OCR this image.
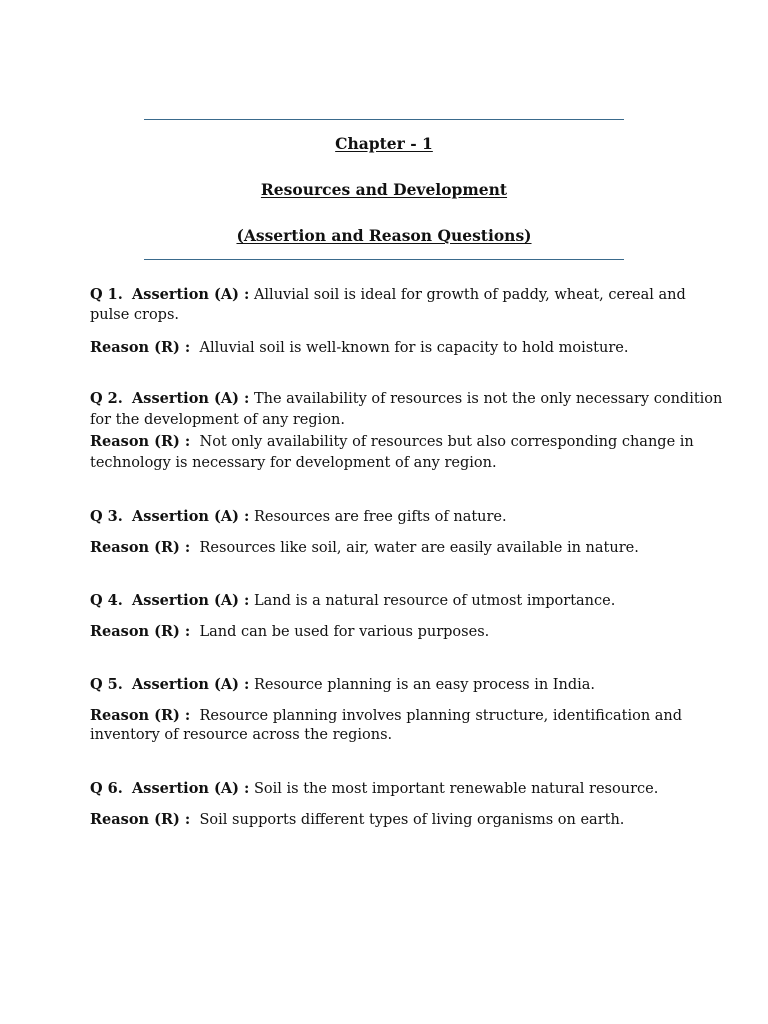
Chapter - 1
Resources and Development
(Assertion and Reason Questions)
Q 1. Assertion (A) : Alluvial soil is ideal for growth of paddy, wheat, cereal and
pulse crops.
Reason (R) : Alluvial soil is well-known for is capacity to hold moisture.
Q 2. Assertion (A) : The availability of resources is not the only necessary condition
for the development of any region.
Reason (R) : Not only availability of resources but also corresponding change in
technology is necessary for development of any region.
Q 3. Assertion (A) : Resources are free gifts of nature.
Reason (R) : Resources like soil, air, water are easily available in nature.
Q 4. Assertion (A) : Land is a natural resource of utmost importance.
Reason (R) : Land can be used for various purposes.
Q 5. Assertion (A) : Resource planning is an easy process in India.
Reason (R) : Resource planning involves planning structure, identification and
inventory of resource across the regions.
Q 6. Assertion (A) : Soil is the most important renewable natural resource.
Reason (R) : Soil supports different types of living organisms on earth.
